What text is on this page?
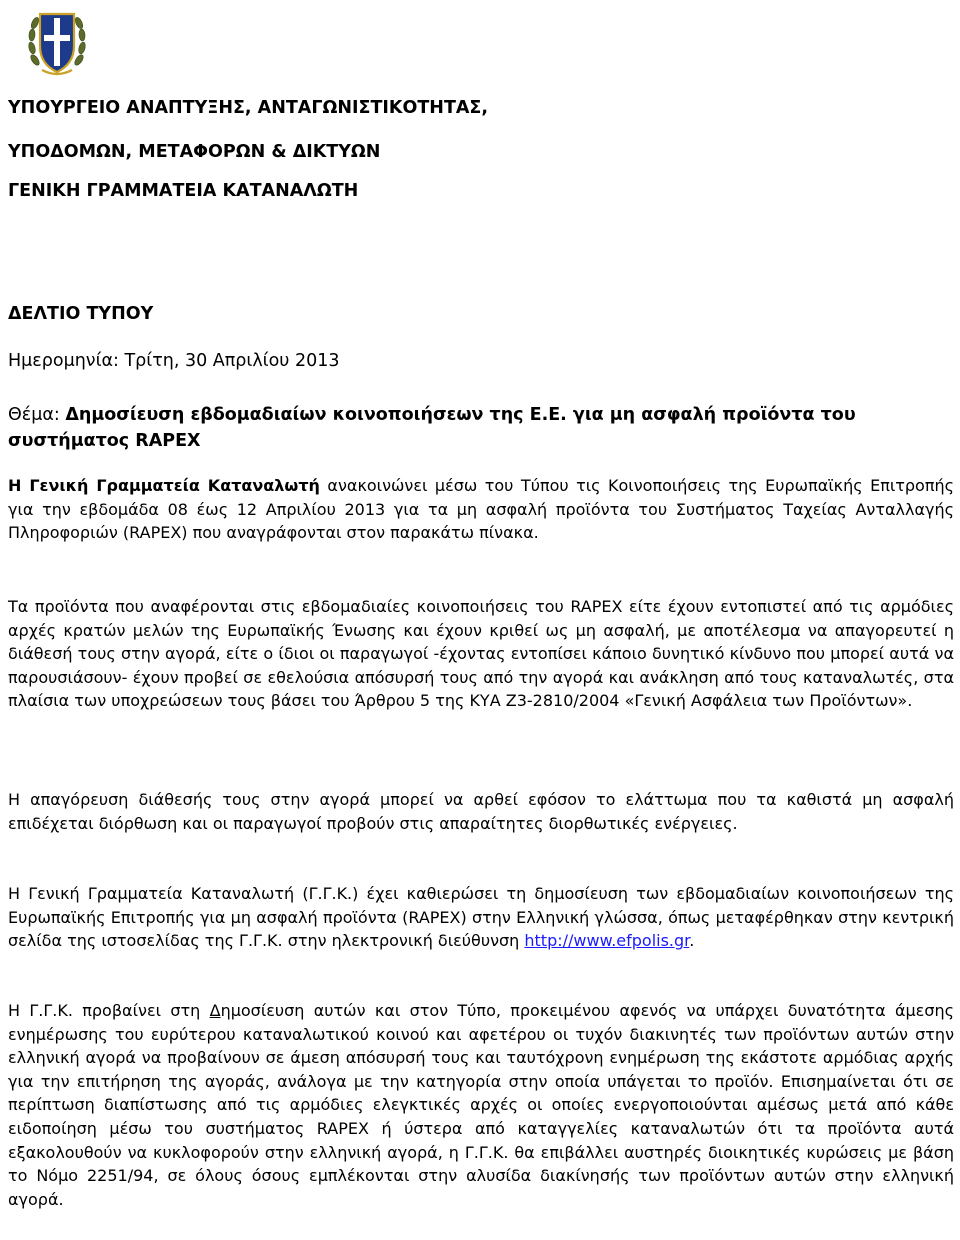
ΥΠΟΥΡΓΕΙΟ ΑΝΑΠΤΥΞΗΣ, ΑΝΤΑΓΩΝΙΣΤΙΚΟΤΗΤΑΣ,
ΥΠΟΔΟΜΩΝ, ΜΕΤΑΦΟΡΩΝ & ΔΙΚΤΥΩΝ
ΓΕΝΙΚΗ ΓΡΑΜΜΑΤΕΙΑ ΚΑΤΑΝΑΛΩΤΗ
ΔΕΛΤΙΟ ΤΥΠΟΥ
Ημερομηνία: Τρίτη, 30 Απριλίου 2013
Θέμα: Δημοσίευση εβδομαδιαίων κοινοποιήσεων της Ε.Ε. για μη ασφαλή προϊόντα του συστήματος RAPEX
Η Γενική Γραμματεία Καταναλωτή ανακοινώνει μέσω του Τύπου τις Κοινοποιήσεις της Ευρωπαϊκής Επιτροπής για την εβδομάδα 08 έως 12 Απριλίου 2013 για τα μη ασφαλή προϊόντα του Συστήματος Ταχείας Ανταλλαγής Πληροφοριών (RAPEX) που αναγράφονται στον παρακάτω πίνακα.
Τα προϊόντα που αναφέρονται στις εβδομαδιαίες κοινοποιήσεις του RAPEX είτε έχουν εντοπιστεί από τις αρμόδιες αρχές κρατών μελών της Ευρωπαϊκής Ένωσης και έχουν κριθεί ως μη ασφαλή, με αποτέλεσμα να απαγορευτεί η διάθεσή τους στην αγορά, είτε ο ίδιοι οι παραγωγοί -έχοντας εντοπίσει κάποιο δυνητικό κίνδυνο που μπορεί αυτά να παρουσιάσουν- έχουν προβεί σε εθελούσια απόσυρσή τους από την αγορά και ανάκληση από τους καταναλωτές, στα πλαίσια των υποχρεώσεων τους βάσει του Άρθρου 5 της ΚΥΑ Ζ3-2810/2004 «Γενική Ασφάλεια των Προϊόντων».
Η απαγόρευση διάθεσής τους στην αγορά μπορεί να αρθεί εφόσον το ελάττωμα που τα καθιστά μη ασφαλή επιδέχεται διόρθωση και οι παραγωγοί προβούν στις απαραίτητες διορθωτικές ενέργειες.
Η Γενική Γραμματεία Καταναλωτή (Γ.Γ.Κ.) έχει καθιερώσει τη δημοσίευση των εβδομαδιαίων κοινοποιήσεων της Ευρωπαϊκής Επιτροπής για μη ασφαλή προϊόντα (RAPEX) στην Ελληνική γλώσσα, όπως μεταφέρθηκαν στην κεντρική σελίδα της ιστοσελίδας της Γ.Γ.Κ. στην ηλεκτρονική διεύθυνση http://www.efpolis.gr.
Η Γ.Γ.Κ. προβαίνει στη Δημοσίευση αυτών και στον Τύπο, προκειμένου αφενός να υπάρχει δυνατότητα άμεσης ενημέρωσης του ευρύτερου καταναλωτικού κοινού και αφετέρου οι τυχόν διακινητές των προϊόντων αυτών στην ελληνική αγορά να προβαίνουν σε άμεση απόσυρσή τους και ταυτόχρονη ενημέρωση της εκάστοτε αρμόδιας αρχής για την επιτήρηση της αγοράς, ανάλογα με την κατηγορία στην οποία υπάγεται το προϊόν. Επισημαίνεται ότι σε περίπτωση διαπίστωσης από τις αρμόδιες ελεγκτικές αρχές οι οποίες ενεργοποιούνται αμέσως μετά από κάθε ειδοποίηση μέσω του συστήματος RAPEX ή ύστερα από καταγγελίες καταναλωτών ότι τα προϊόντα αυτά εξακολουθούν να κυκλοφορούν στην ελληνική αγορά, η Γ.Γ.Κ. θα επιβάλλει αυστηρές διοικητικές κυρώσεις με βάση το Νόμο 2251/94, σε όλους όσους εμπλέκονται στην αλυσίδα διακίνησής των προϊόντων αυτών στην ελληνική αγορά.
